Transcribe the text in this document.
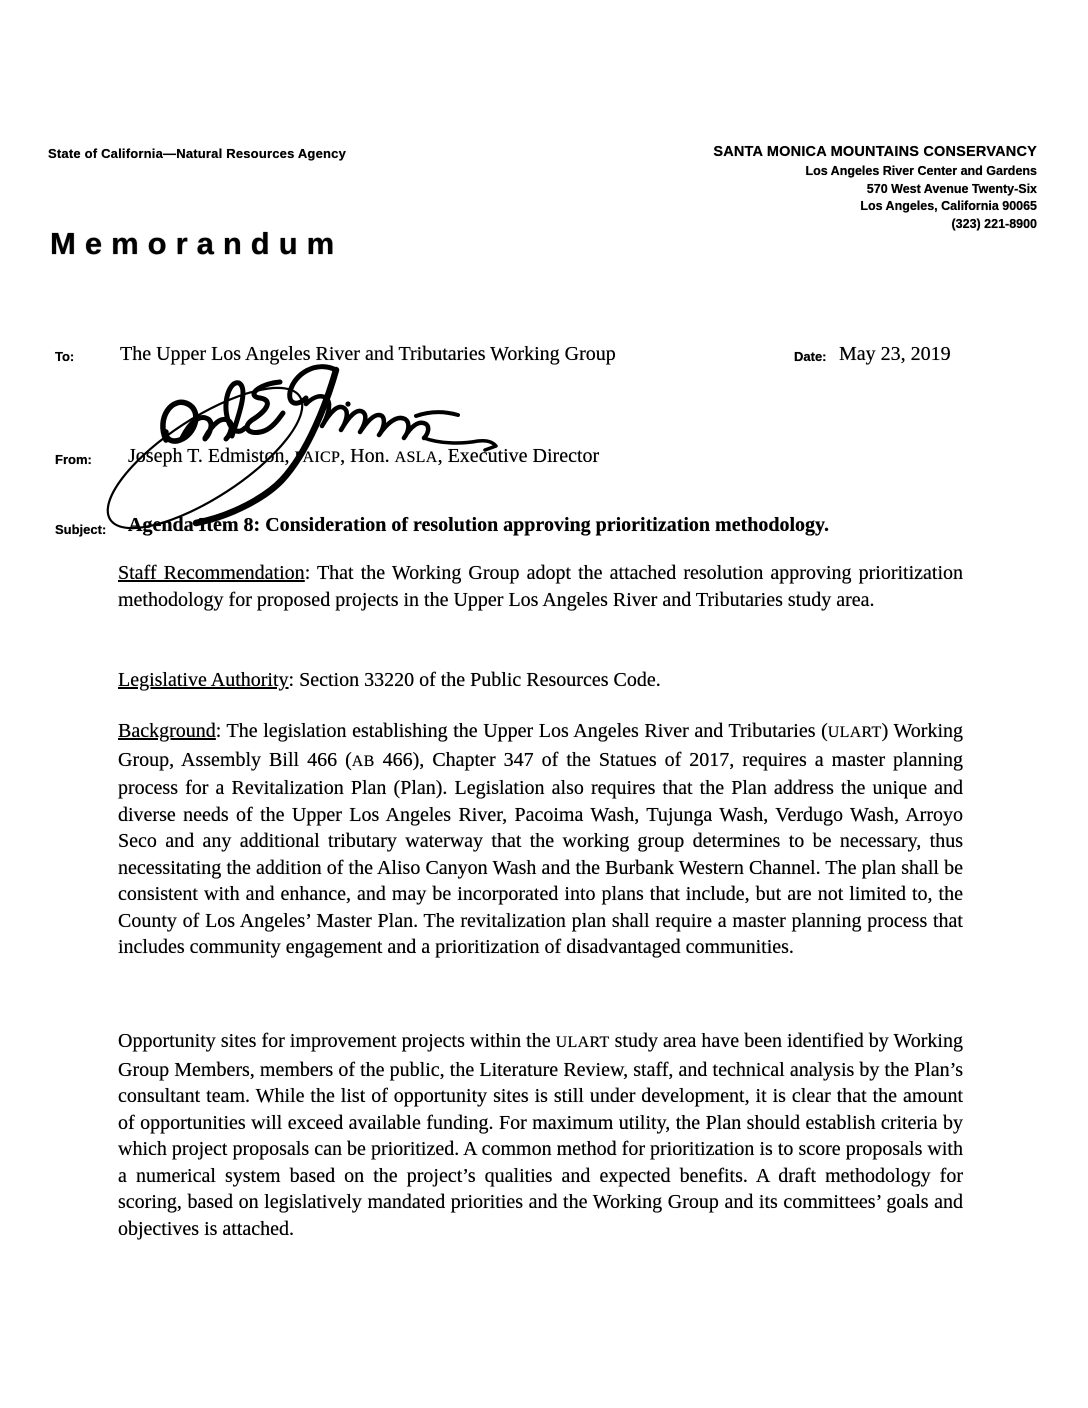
State of California—Natural Resources Agency	SANTA MONICA MOUNTAINS CONSERVANCY
Los Angeles River Center and Gardens
570 West Avenue Twenty-Six
Los Angeles, California 90065
(323) 221-8900
Memorandum
To: The Upper Los Angeles River and Tributaries Working Group	Date: May 23, 2019
From: Joseph T. Edmiston, FAICP, Hon. ASLA, Executive Director
Subject: Agenda Item 8: Consideration of resolution approving prioritization methodology.
Staff Recommendation: That the Working Group adopt the attached resolution approving prioritization methodology for proposed projects in the Upper Los Angeles River and Tributaries study area.
Legislative Authority: Section 33220 of the Public Resources Code.
Background: The legislation establishing the Upper Los Angeles River and Tributaries (ULART) Working Group, Assembly Bill 466 (AB 466), Chapter 347 of the Statues of 2017, requires a master planning process for a Revitalization Plan (Plan). Legislation also requires that the Plan address the unique and diverse needs of the Upper Los Angeles River, Pacoima Wash, Tujunga Wash, Verdugo Wash, Arroyo Seco and any additional tributary waterway that the working group determines to be necessary, thus necessitating the addition of the Aliso Canyon Wash and the Burbank Western Channel. The plan shall be consistent with and enhance, and may be incorporated into plans that include, but are not limited to, the County of Los Angeles’ Master Plan. The revitalization plan shall require a master planning process that includes community engagement and a prioritization of disadvantaged communities.
Opportunity sites for improvement projects within the ULART study area have been identified by Working Group Members, members of the public, the Literature Review, staff, and technical analysis by the Plan’s consultant team. While the list of opportunity sites is still under development, it is clear that the amount of opportunities will exceed available funding. For maximum utility, the Plan should establish criteria by which project proposals can be prioritized. A common method for prioritization is to score proposals with a numerical system based on the project’s qualities and expected benefits. A draft methodology for scoring, based on legislatively mandated priorities and the Working Group and its committees’ goals and objectives is attached.
